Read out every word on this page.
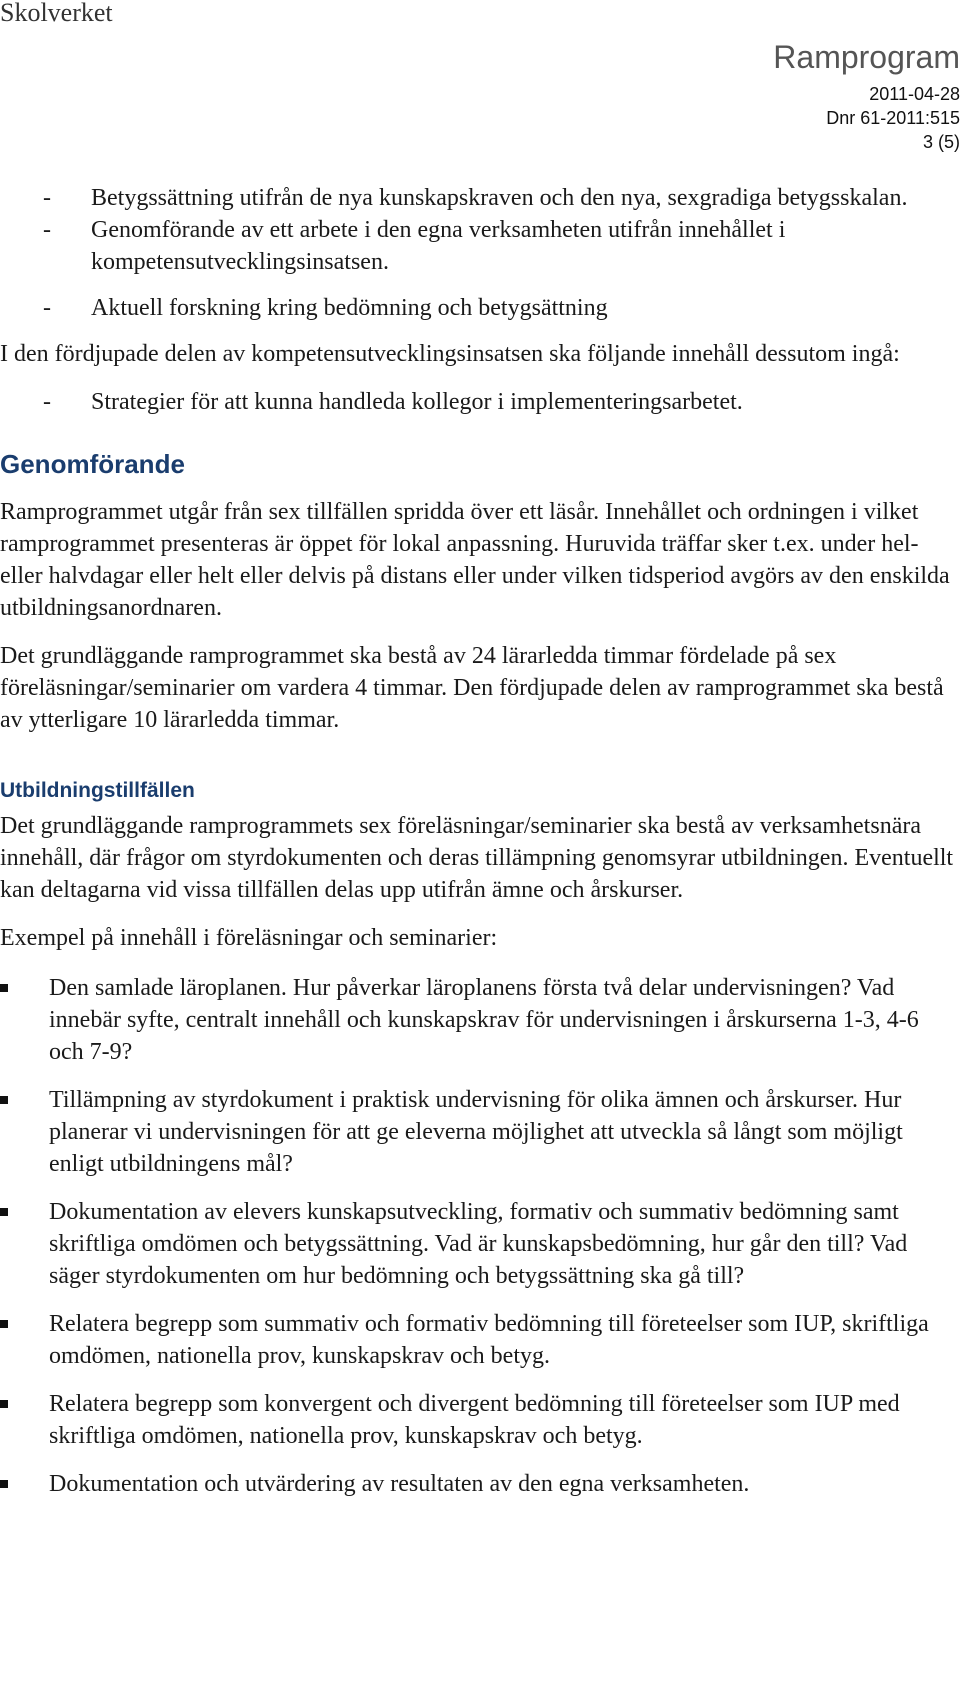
Skolverket
Ramprogram
2011-04-28
Dnr 61-2011:515
3 (5)
- Betygssättning utifrån de nya kunskapskraven och den nya, sexgradiga betygsskalan.
- Genomförande av ett arbete i den egna verksamheten utifrån innehållet i kompetensutvecklingsinsatsen.
- Aktuell forskning kring bedömning och betygsättning

I den fördjupade delen av kompetensutvecklingsinsatsen ska följande innehåll dessutom ingå:

- Strategier för att kunna handleda kollegor i implementeringsarbetet.
Genomförande

Ramprogrammet utgår från sex tillfällen spridda över ett läsår. Innehållet och ordningen i vilket ramprogrammet presenteras är öppet för lokal anpassning. Huruvida träffar sker t.ex. under hel- eller halvdagar eller helt eller delvis på distans eller under vilken tidsperiod avgörs av den enskilda utbildningsanordnaren.

Det grundläggande ramprogrammet ska bestå av 24 lärarledda timmar fördelade på sex föreläsningar/seminarier om vardera 4 timmar. Den fördjupade delen av ramprogrammet ska bestå av ytterligare 10 lärarledda timmar.

Utbildningstillfällen

Det grundläggande ramprogrammets sex föreläsningar/seminarier ska bestå av verksamhetsnära innehåll, där frågor om styrdokumenten och deras tillämpning genomsyrar utbildningen. Eventuellt kan deltagarna vid vissa tillfällen delas upp utifrån ämne och årskurser.

Exempel på innehåll i föreläsningar och seminarier:

Den samlade läroplanen. Hur påverkar läroplanens första två delar undervisningen? Vad innebär syfte, centralt innehåll och kunskapskrav för undervisningen i årskurserna 1-3, 4-6 och 7-9?
Tillämpning av styrdokument i praktisk undervisning för olika ämnen och årskurser. Hur planerar vi undervisningen för att ge eleverna möjlighet att utveckla så långt som möjligt enligt utbildningens mål?
Dokumentation av elevers kunskapsutveckling, formativ och summativ bedömning samt skriftliga omdömen och betygssättning. Vad är kunskapsbedömning, hur går den till? Vad säger styrdokumenten om hur bedömning och betygssättning ska gå till?
Relatera begrepp som summativ och formativ bedömning till företeelser som IUP, skriftliga omdömen, nationella prov, kunskapskrav och betyg.
Relatera begrepp som konvergent och divergent bedömning till företeelser som IUP med skriftliga omdömen, nationella prov, kunskapskrav och betyg.
Dokumentation och utvärdering av resultaten av den egna verksamheten.
